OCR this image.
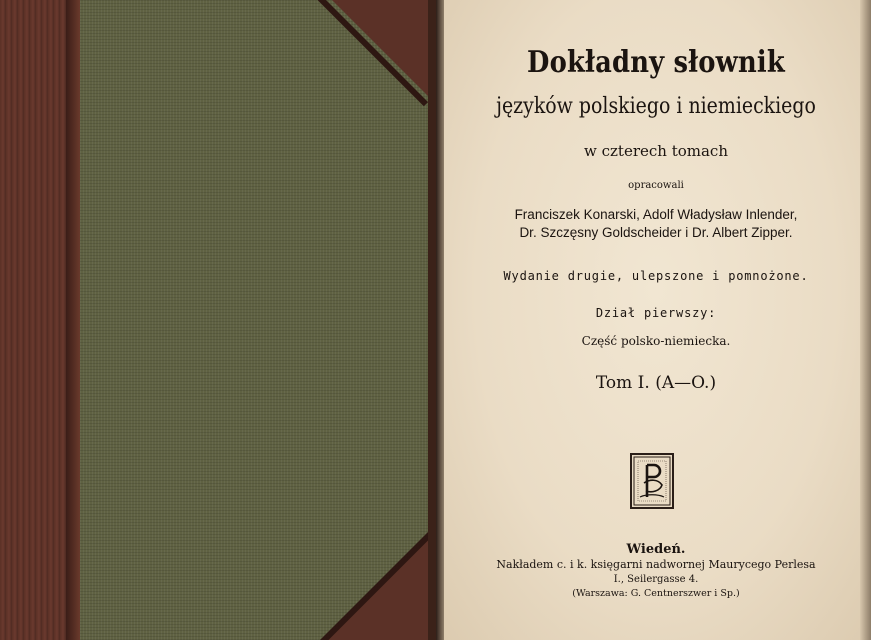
Dokładny słownik
języków polskiego i niemieckiego
w czterech tomach
opracowali
Franciszek Konarski, Adolf Władysław Inlender,
Dr. Szczęsny Goldscheider i Dr. Albert Zipper.
Wydanie drugie, ulepszone i pomnożone.
Dział pierwszy:
Część polsko-niemiecka.
Tom I. (A—O.)
Wiedeń.
Nakładem c. i k. księgarni nadwornej Maurycego Perlesa
I., Seilergasse 4.
(Warszawa: G. Centnerszwer i Sp.)
